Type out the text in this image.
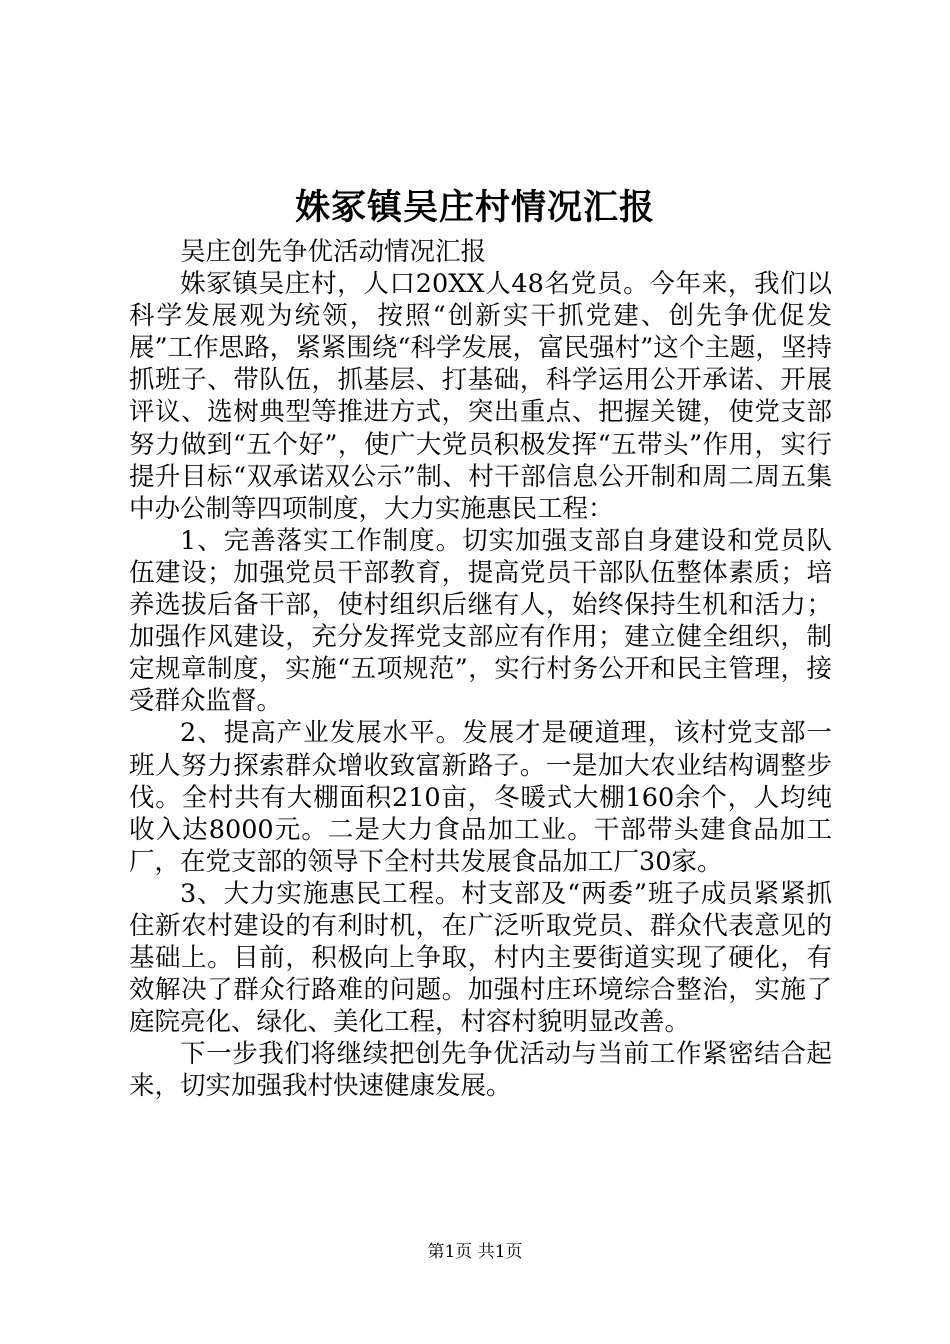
姝冢镇吴庄村情况汇报

吴庄创先争优活动情况汇报

姝冢镇吴庄村，人口20XX人48名党员。今年来，我们以科学发展观为统领，按照“创新实干抓党建、创先争优促发展”工作思路，紧紧围绕“科学发展，富民强村”这个主题，坚持抓班子、带队伍，抓基层、打基础，科学运用公开承诺、开展评议、选树典型等推进方式，突出重点、把握关键，使党支部努力做到“五个好”，使广大党员积极发挥“五带头”作用，实行提升目标“双承诺双公示”制、村干部信息公开制和周二周五集中办公制等四项制度，大力实施惠民工程：

1、完善落实工作制度。切实加强支部自身建设和党员队伍建设；加强党员干部教育，提高党员干部队伍整体素质；培养选拔后备干部，使村组织后继有人，始终保持生机和活力；加强作风建设，充分发挥党支部应有作用；建立健全组织，制定规章制度，实施“五项规范”，实行村务公开和民主管理，接受群众监督。

2、提高产业发展水平。发展才是硬道理，该村党支部一班人努力探索群众增收致富新路子。一是加大农业结构调整步伐。全村共有大棚面积210亩，冬暖式大棚160余个，人均纯收入达8000元。二是大力食品加工业。干部带头建食品加工厂，在党支部的领导下全村共发展食品加工厂30家。

3、大力实施惠民工程。村支部及“两委”班子成员紧紧抓住新农村建设的有利时机，在广泛听取党员、群众代表意见的基础上。目前，积极向上争取，村内主要街道实现了硬化，有效解决了群众行路难的问题。加强村庄环境综合整治，实施了庭院亮化、绿化、美化工程，村容村貌明显改善。

下一步我们将继续把创先争优活动与当前工作紧密结合起来，切实加强我村快速健康发展。

第1页 共1页
